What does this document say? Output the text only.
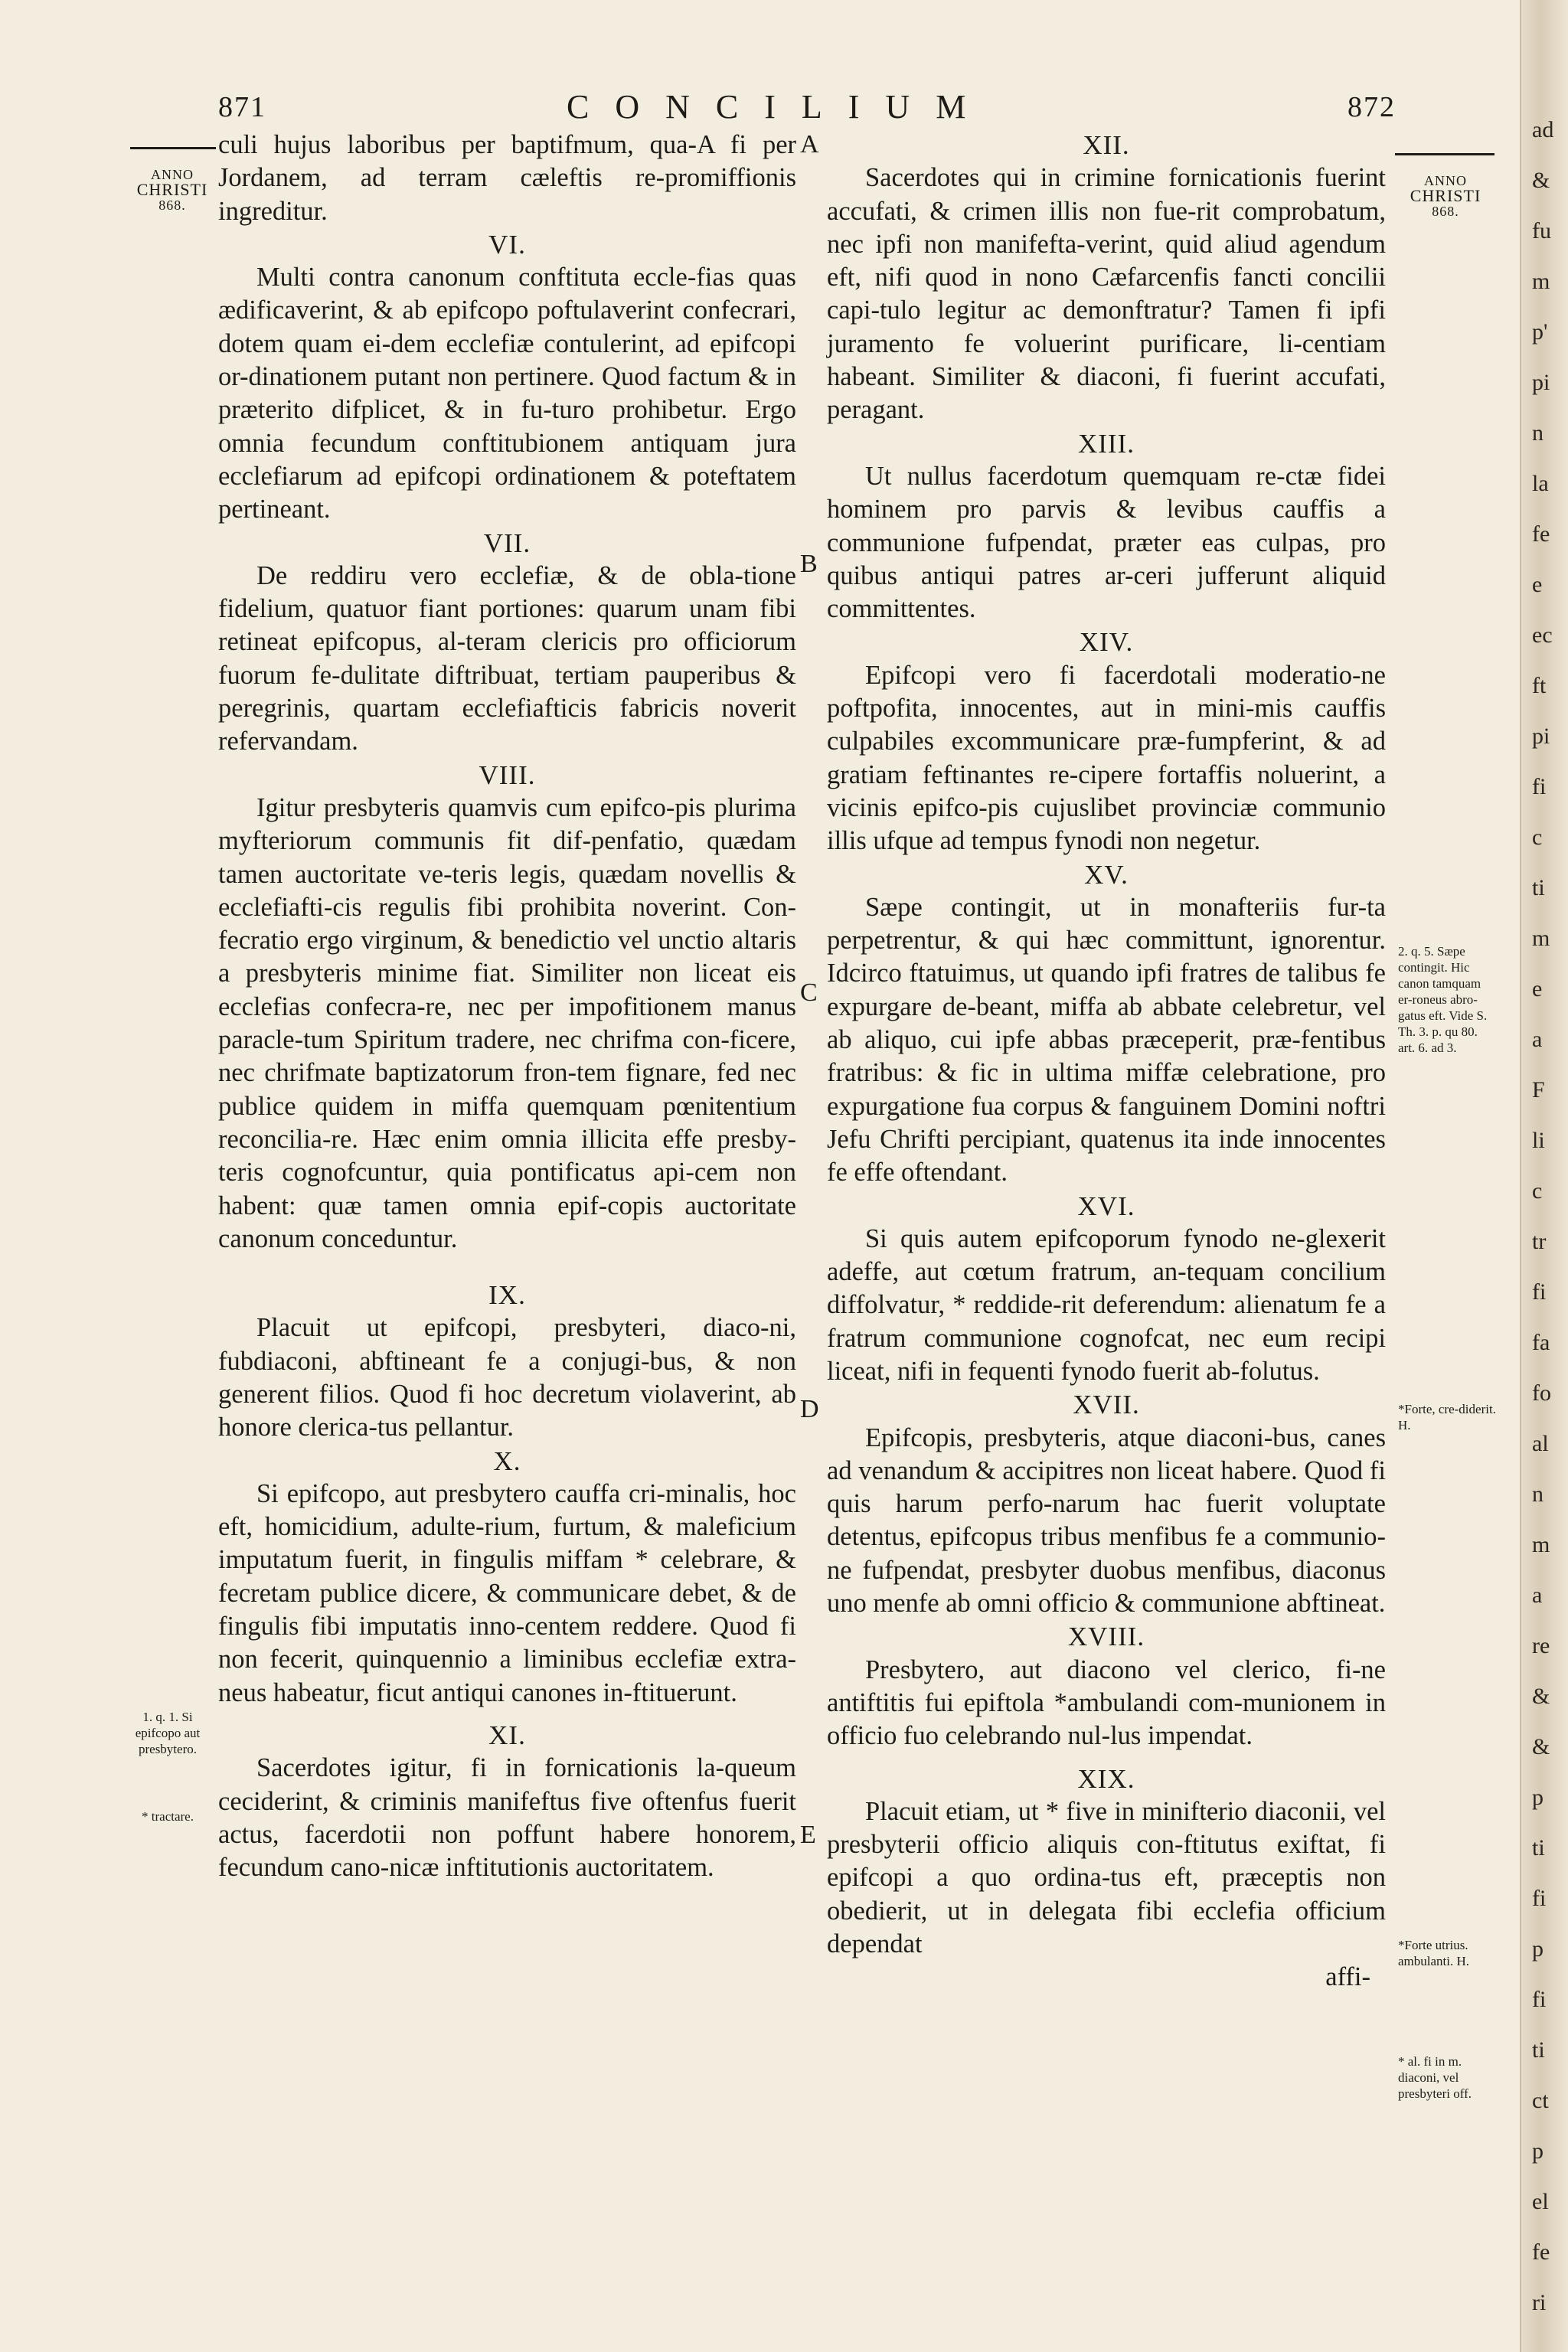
ad
&
fu
m
p'
pi
n
la
fe
e
ec
ft
pi
fi
c
ti
m
e
a
F
li
c
tr
fi
fa
fo
al
n
m
a
re
&
&
p
ti
fi
p
fi
ti
ct
p
el
fe
ri
871	CONCILIUM	872
ANNO
CHRISTI
868.
ANNO
CHRISTI
868.
A
B
C
D
E

culi hujus laboribus per baptifmum, qua-A fi per Jordanem, ad terram cæleftis re-promiffionis ingreditur.

VI.

Multi contra canonum conftituta eccle-fias quas ædificaverint, & ab epifcopo poftulaverint confecrari, dotem quam ei-dem ecclefiæ contulerint, ad epifcopi or-dinationem putant non pertinere. Quod factum & in præterito difplicet, & in fu-turo prohibetur. Ergo omnia fecundum conftitubionem antiquam jura ecclefiarum ad epifcopi ordinationem & poteftatem pertineant.

VII.

De reddiru vero ecclefiæ, & de obla-tione fidelium, quatuor fiant portiones: quarum unam fibi retineat epifcopus, al-teram clericis pro officiorum fuorum fe-dulitate diftribuat, tertiam pauperibus & peregrinis, quartam ecclefiafticis fabricis noverit refervandam.

VIII.

Igitur presbyteris quamvis cum epifco-pis plurima myfteriorum communis fit dif-penfatio, quædam tamen auctoritate ve-teris legis, quædam novellis & ecclefiafti-cis regulis fibi prohibita noverint. Con-fecratio ergo virginum, & benedictio vel unctio altaris a presbyteris minime fiat. Similiter non liceat eis ecclefias confecra-re, nec per impofitionem manus paracle-tum Spiritum tradere, nec chrifma con-ficere, nec chrifmate baptizatorum fron-tem fignare, fed nec publice quidem in miffa quemquam pœnitentium reconcilia-re. Hæc enim omnia illicita effe presby-teris cognofcuntur, quia pontificatus api-cem non habent: quæ tamen omnia epif-copis auctoritate canonum conceduntur.

IX.

Placuit ut epifcopi, presbyteri, diaco-ni, fubdiaconi, abftineant fe a conjugi-bus, & non generent filios. Quod fi hoc decretum violaverint, ab honore clerica-tus pellantur.

X.

Si epifcopo, aut presbytero cauffa cri-minalis, hoc eft, homicidium, adulte-rium, furtum, & maleficium imputatum fuerit, in fingulis miffam * celebrare, & fecretam publice dicere, & communicare debet, & de fingulis fibi imputatis inno-centem reddere. Quod fi non fecerit, quinquennio a liminibus ecclefiæ extra-neus habeatur, ficut antiqui canones in-ftituerunt.

XI.

Sacerdotes igitur, fi in fornicationis la-queum ceciderint, & criminis manifeftus five oftenfus fuerit actus, facerdotii non poffunt habere honorem, fecundum cano-nicæ inftitutionis auctoritatem.

1. q. 1. Si epifcopo aut presbytero.
* tractare.

XII.

Sacerdotes qui in crimine fornicationis fuerint accufati, & crimen illis non fue-rit comprobatum, nec ipfi non manifefta-verint, quid aliud agendum eft, nifi quod in nono Cæfarcenfis fancti concilii capi-tulo legitur ac demonftratur? Tamen fi ipfi juramento fe voluerint purificare, li-centiam habeant. Similiter & diaconi, fi fuerint accufati, peragant.

XIII.

Ut nullus facerdotum quemquam re-ctæ fidei hominem pro parvis & levibus cauffis a communione fufpendat, præter eas culpas, pro quibus antiqui patres ar-ceri jufferunt aliquid committentes.

XIV.

Epifcopi vero fi facerdotali moderatio-ne poftpofita, innocentes, aut in mini-mis cauffis culpabiles excommunicare præ-fumpferint, & ad gratiam feftinantes re-cipere fortaffis noluerint, a vicinis epifco-pis cujuslibet provinciæ communio illis ufque ad tempus fynodi non negetur.

XV.

Sæpe contingit, ut in monafteriis fur-ta perpetrentur, & qui hæc committunt, ignorentur. Idcirco ftatuimus, ut quando ipfi fratres de talibus fe expurgare de-beant, miffa ab abbate celebretur, vel ab aliquo, cui ipfe abbas præceperit, præ-fentibus fratribus: & fic in ultima miffæ celebratione, pro expurgatione fua corpus & fanguinem Domini noftri Jefu Chrifti percipiant, quatenus ita inde innocentes fe effe oftendant.

XVI.

Si quis autem epifcoporum fynodo ne-glexerit adeffe, aut cœtum fratrum, an-tequam concilium diffolvatur, * reddide-rit deferendum: alienatum fe a fratrum communione cognofcat, nec eum recipi liceat, nifi in fequenti fynodo fuerit ab-folutus.

XVII.

Epifcopis, presbyteris, atque diaconi-bus, canes ad venandum & accipitres non liceat habere. Quod fi quis harum perfo-narum hac fuerit voluptate detentus, epifcopus tribus menfibus fe a communio-ne fufpendat, presbyter duobus menfibus, diaconus uno menfe ab omni officio & communione abftineat.

XVIII.

Presbytero, aut diacono vel clerico, fi-ne antiftitis fui epiftola *ambulandi com-munionem in officio fuo celebrando nul-lus impendat.

XIX.

Placuit etiam, ut * five in minifterio diaconii, vel presbyterii officio aliquis con-ftitutus exiftat, fi epifcopi a quo ordina-tus eft, præceptis non obedierit, ut in delegata fibi ecclefia officium dependat

affi-

2. q. 5. Sæpe contingit. Hic canon tamquam er-roneus abro-gatus eft. Vide S. Th. 3. p. qu 80. art. 6. ad 3.
*Forte, cre-diderit. H.
*Forte utrius. ambulanti. H.
* al. fi in m. diaconi, vel presbyteri off.
